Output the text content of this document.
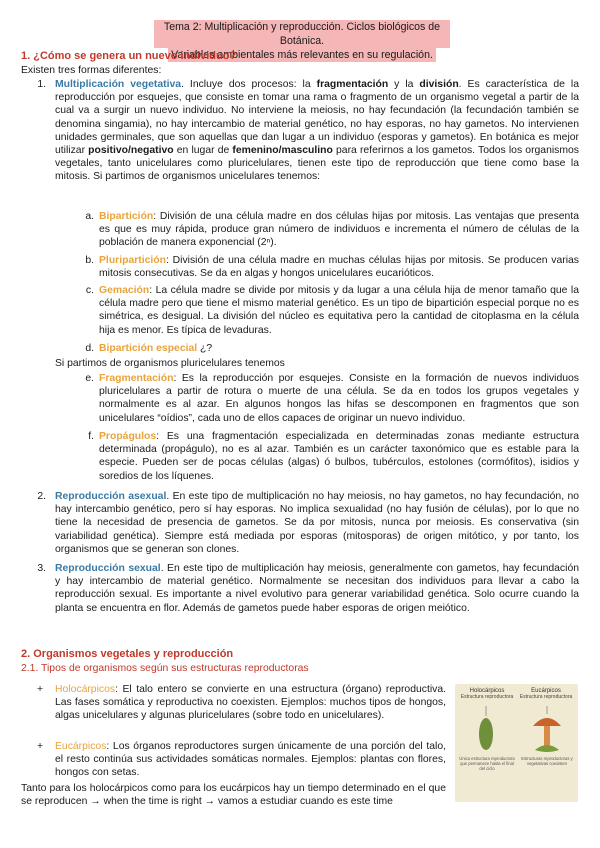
Tema 2: Multiplicación y reproducción. Ciclos biológicos de Botánica.
Variables ambientales más relevantes en su regulación.
1. ¿Cómo se genera un nuevo individuo?
Existen tres formas diferentes:
1. Multiplicación vegetativa. Incluye dos procesos: la fragmentación y la división. Es característica de la reproducción por esquejes, que consiste en tomar una rama o fragmento de un organismo vegetal a partir de la cual va a surgir un nuevo individuo. No interviene la meiosis, no hay fecundación (la fecundación también se denomina singamia), no hay intercambio de material genético, no hay esporas, no hay gametos. No intervienen unidades germinales, que son aquellas que dan lugar a un individuo (esporas y gametos). En botánica es mejor utilizar positivo/negativo en lugar de femenino/masculino para referirnos a los gametos. Todos los organismos vegetales, tanto unicelulares como pluricelulares, tienen este tipo de reproducción que tiene como base la mitosis. Si partimos de organismos unicelulares tenemos:
a. Bipartición: División de una célula madre en dos células hijas por mitosis. Las ventajas que presenta es que es muy rápida, produce gran número de individuos e incrementa el número de células de la población de manera exponencial (2ⁿ).
b. Pluripartición: División de una célula madre en muchas células hijas por mitosis. Se producen varias mitosis consecutivas. Se da en algas y hongos unicelulares eucarióticos.
c. Gemación: La célula madre se divide por mitosis y da lugar a una célula hija de menor tamaño que la célula madre pero que tiene el mismo material genético. Es un tipo de bipartición especial porque no es simétrica, es desigual. La división del núcleo es equitativa pero la cantidad de citoplasma en la célula hija es menor. Es típica de levaduras.
d. Bipartición especial ¿?
Si partimos de organismos pluricelulares tenemos
e. Fragmentación: Es la reproducción por esquejes. Consiste en la formación de nuevos individuos pluricelulares a partir de rotura o muerte de una célula. Se da en todos los grupos vegetales y normalmente es al azar. En algunos hongos las hifas se descomponen en fragmentos que son unicelulares “oídios”, cada uno de ellos capaces de originar un nuevo individuo.
f. Propágulos: Es una fragmentación especializada en determinadas zonas mediante estructura determinada (propágulo), no es al azar. También es un carácter taxonómico que es estable para la especie. Pueden ser de pocas células (algas) ó bulbos, tubérculos, estolones (cormófitos), isidios y soredios de los líquenes.
2. Reproducción asexual. En este tipo de multiplicación no hay meiosis, no hay gametos, no hay fecundación, no hay intercambio genético, pero sí hay esporas. No implica sexualidad (no hay fusión de células), por lo que no tiene la necesidad de presencia de gametos. Se da por mitosis, nunca por meiosis. Es conservativa (sin variabilidad genética). Siempre está mediada por esporas (mitosporas) de origen mitótico, y por tanto, los organismos que se generan son clones.
3. Reproducción sexual. En este tipo de multiplicación hay meiosis, generalmente con gametos, hay fecundación y hay intercambio de material genético. Normalmente se necesitan dos individuos para llevar a cabo la reproducción sexual. Es importante a nivel evolutivo para generar variabilidad genética. Solo ocurre cuando la planta se encuentra en flor. Además de gametos puede haber esporas de origen meiótico.
2. Organismos vegetales y reproducción
2.1. Tipos de organismos según sus estructuras reproductoras
+ Holocárpicos: El talo entero se convierte en una estructura (órgano) reproductiva. Las fases somática y reproductiva no coexisten. Ejemplos: muchos tipos de hongos, algas unicelulares y algunas pluricelulares (sobre todo en unicelulares).
+ Eucárpicos: Los órganos reproductores surgen únicamente de una porción del talo, el resto continúa sus actividades somáticas normales. Ejemplos: plantas con flores, hongos con setas.
Tanto para los holocárpicos como para los eucárpicos hay un tiempo determinado en el que se reproducen → when the time is right → vamos a estudiar cuando es este time
Holocárpicos
Estructura reproductora
Eucárpicos
Estructura reproductora
Única estructura reproductora que permanece hasta el final del ciclo
Estructuras reproductoras y vegetativas coexisten
